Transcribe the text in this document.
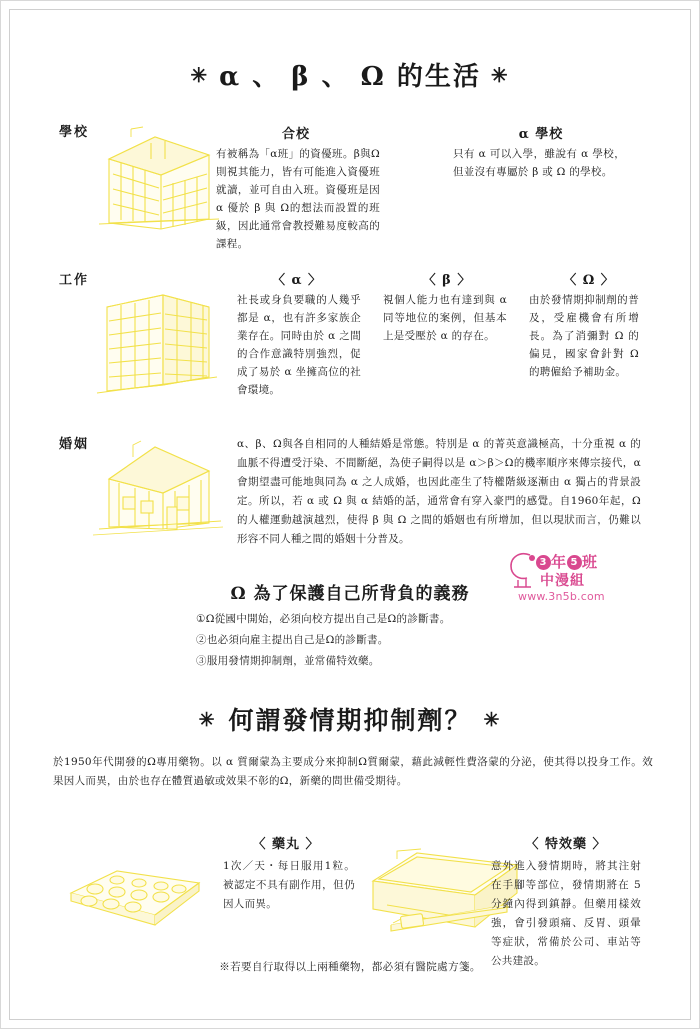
✳ α 、 β 、 Ω 的生活 ✳
學校
工作
婚姻
合校
有被稱為「α班」的資優班。β與Ω則視其能力，皆有可能進入資優班就讀，並可自由入班。資優班是因 α 優於 β 與 Ω的想法而設置的班級，因此通常會教授難易度較高的課程。
α 學校
只有 α 可以入學，雖說有 α 學校，但並沒有專屬於 β 或 Ω 的學校。
〈 α 〉
社長或身負要職的人幾乎都是 α，也有許多家族企業存在。同時由於 α 之間的合作意識特別強烈，促成了易於 α 坐擁高位的社會環境。
〈 β 〉
視個人能力也有達到與 α 同等地位的案例，但基本上是受壓於 α 的存在。
〈 Ω 〉
由於發情期抑制劑的普及，受雇機會有所增長。為了消彌對 Ω 的偏見，國家會針對 Ω 的聘僱給予補助金。
α、β、Ω與各自相同的人種結婚是常態。特別是 α 的菁英意識極高，十分重視 α 的血脈不得遭受汙染、不間斷絕，為使子嗣得以是 α＞β＞Ω的機率順序來傳宗接代，α 會期望盡可能地與同為 α 之人成婚，也因此產生了特權階級逐漸由 α 獨占的背景設定。所以，若 α 或 Ω 與 α 結婚的話，通常會有穿入豪門的感覺。自1960年起，Ω 的人權運動越演越烈，使得 β 與 Ω 之間的婚姻也有所增加，但以現狀而言，仍難以形容不同人種之間的婚姻十分普及。
3 年 5 班
中漫組
www.3n5b.com
Ω 為了保護自己所背負的義務
①Ω從國中開始，必須向校方提出自己是Ω的診斷書。
②也必須向雇主提出自己是Ω的診斷書。
③服用發情期抑制劑，並常備特效藥。
✳ 何謂發情期抑制劑？ ✳
於1950年代開發的Ω專用藥物。以 α 質爾蒙為主要成分來抑制Ω質爾蒙，藉此減輕性費洛蒙的分泌，使其得以投身工作。效果因人而異，由於也存在體質過敏或效果不彰的Ω，新藥的問世備受期待。
1次／天・每日服用1粒。被認定不具有副作用，但仍因人而異。
〈 藥丸 〉	〈 特效藥 〉
意外進入發情期時，將其注射在手腳等部位，發情期將在 5 分鐘內得到鎮靜。但藥用樣效強，會引發頭痛、反胃、頭暈等症狀，常備於公司、車站等公共建設。
※若要自行取得以上兩種藥物，都必須有醫院處方箋。
